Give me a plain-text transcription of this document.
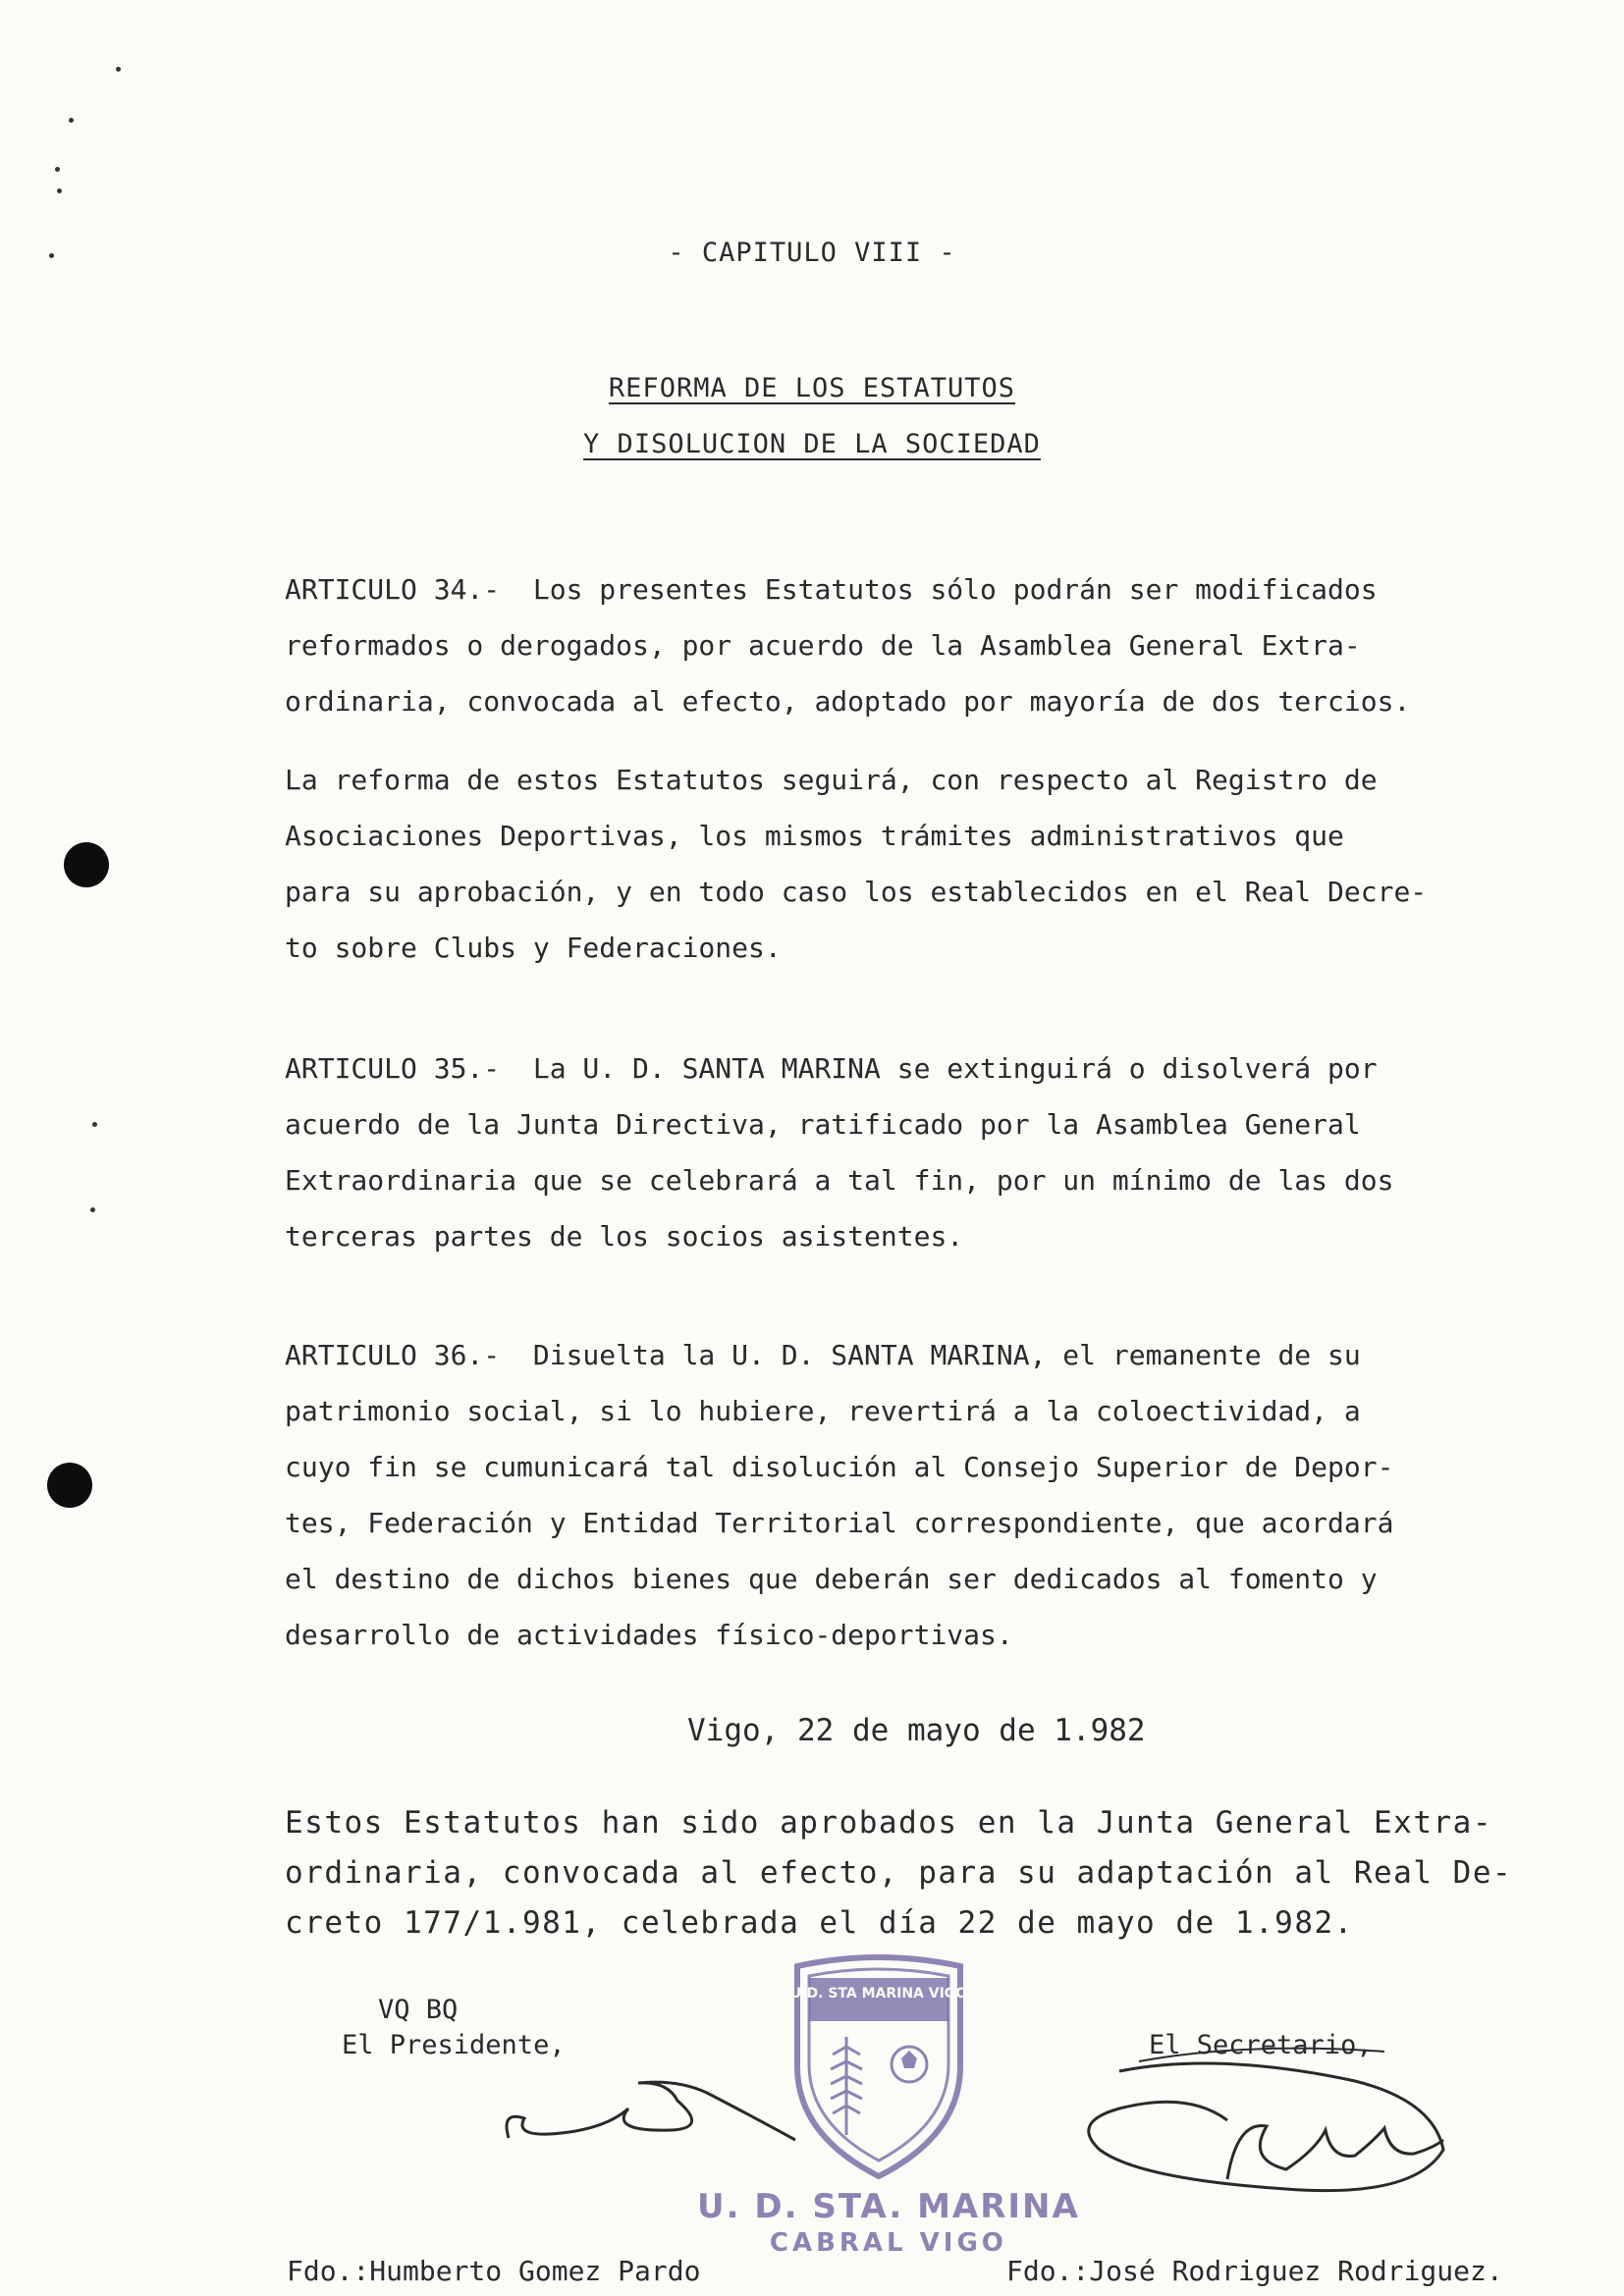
- CAPITULO VIII -
REFORMA DE LOS ESTATUTOS
Y DISOLUCION DE LA SOCIEDAD
ARTICULO 34.-  Los presentes Estatutos sólo podrán ser modificados
reformados o derogados, por acuerdo de la Asamblea General Extra-
ordinaria, convocada al efecto, adoptado por mayoría de dos tercios.
La reforma de estos Estatutos seguirá, con respecto al Registro de
Asociaciones Deportivas, los mismos trámites administrativos que
para su aprobación, y en todo caso los establecidos en el Real Decre-
to sobre Clubs y Federaciones.
ARTICULO 35.-  La U. D. SANTA MARINA se extinguirá o disolverá por
acuerdo de la Junta Directiva, ratificado por la Asamblea General
Extraordinaria que se celebrará a tal fin, por un mínimo de las dos
terceras partes de los socios asistentes.
ARTICULO 36.-  Disuelta la U. D. SANTA MARINA, el remanente de su
patrimonio social, si lo hubiere, revertirá a la coloectividad, a
cuyo fin se cumunicará tal disolución al Consejo Superior de Depor-
tes, Federación y Entidad Territorial correspondiente, que acordará
el destino de dichos bienes que deberán ser dedicados al fomento y
desarrollo de actividades físico-deportivas.
Vigo, 22 de mayo de 1.982
Estos Estatutos han sido aprobados en la Junta General Extra-
ordinaria, convocada al efecto, para su adaptación al Real De-
creto 177/1.981, celebrada el día 22 de mayo de 1.982.
VQ BQ
El Presidente,	El Secretario,
U.D. STA MARINA VIGO
U. D. STA. MARINA
CABRAL VIGO
Fdo.:Humberto Gomez Pardo	Fdo.:José Rodriguez Rodriguez.
